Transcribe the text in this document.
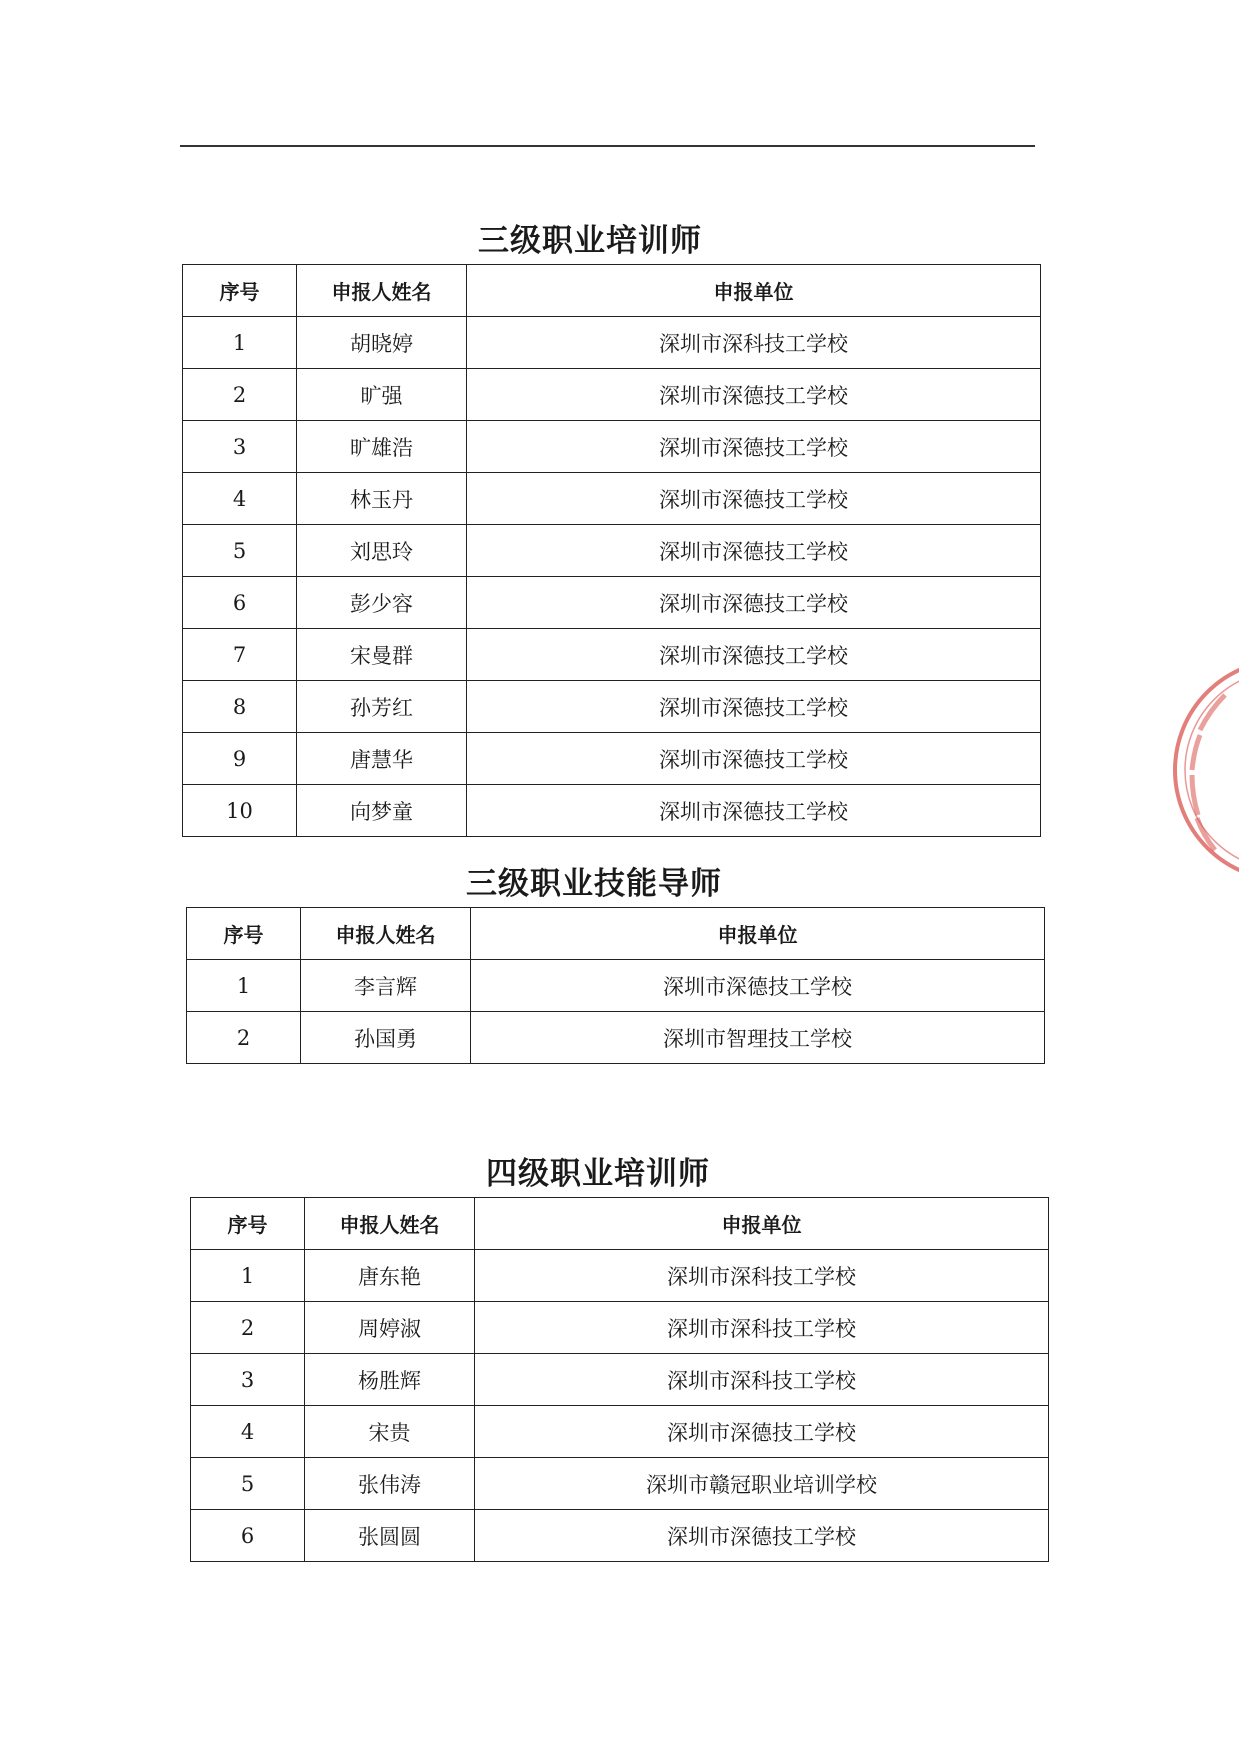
三级职业培训师
序号	申报人姓名	申报单位
1	胡晓婷	深圳市深科技工学校
2	旷强	深圳市深德技工学校
3	旷雄浩	深圳市深德技工学校
4	林玉丹	深圳市深德技工学校
5	刘思玲	深圳市深德技工学校
6	彭少容	深圳市深德技工学校
7	宋曼群	深圳市深德技工学校
8	孙芳红	深圳市深德技工学校
9	唐慧华	深圳市深德技工学校
10	向梦童	深圳市深德技工学校
三级职业技能导师
序号	申报人姓名	申报单位
1	李言辉	深圳市深德技工学校
2	孙国勇	深圳市智理技工学校
四级职业培训师
序号	申报人姓名	申报单位
1	唐东艳	深圳市深科技工学校
2	周婷淑	深圳市深科技工学校
3	杨胜辉	深圳市深科技工学校
4	宋贵	深圳市深德技工学校
5	张伟涛	深圳市赣冠职业培训学校
6	张圆圆	深圳市深德技工学校
